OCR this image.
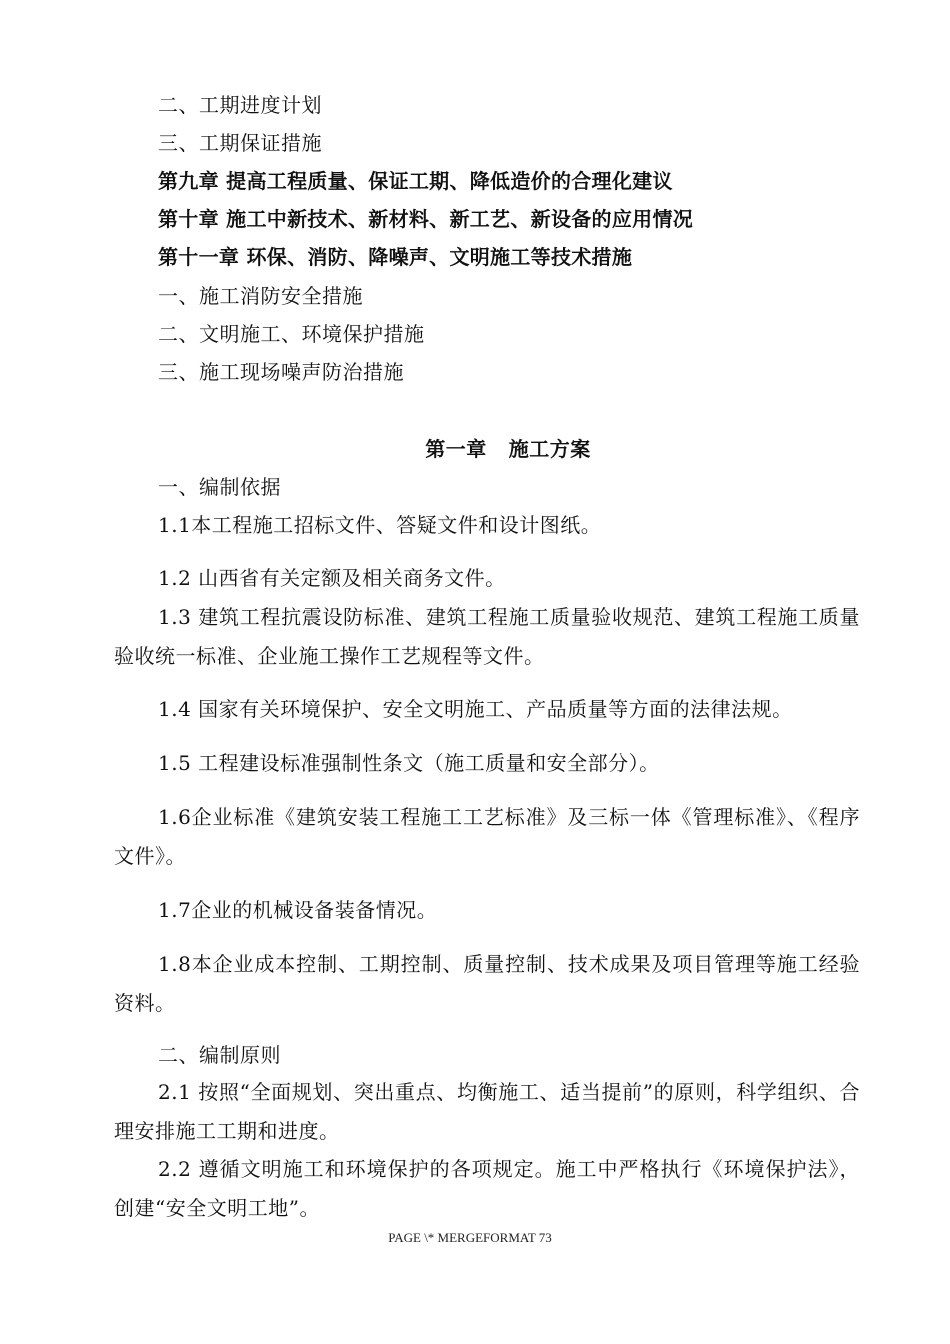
二、工期进度计划
三、工期保证措施
第九章 提高工程质量、保证工期、降低造价的合理化建议
第十章 施工中新技术、新材料、新工艺、新设备的应用情况
第十一章 环保、消防、降噪声、文明施工等技术措施
一、施工消防安全措施
二、文明施工、环境保护措施
三、施工现场噪声防治措施
第一章 施工方案
一、编制依据
1.1本工程施工招标文件、答疑文件和设计图纸。
1.2 山西省有关定额及相关商务文件。
1.3 建筑工程抗震设防标准、建筑工程施工质量验收规范、建筑工程施工质量验收统一标准、企业施工操作工艺规程等文件。
1.4 国家有关环境保护、安全文明施工、产品质量等方面的法律法规。
1.5 工程建设标准强制性条文（施工质量和安全部分）。
1.6企业标准《建筑安装工程施工工艺标准》及三标一体《管理标准》、《程序文件》。
1.7企业的机械设备装备情况。
1.8本企业成本控制、工期控制、质量控制、技术成果及项目管理等施工经验资料。
二、编制原则
2.1 按照“全面规划、突出重点、均衡施工、适当提前”的原则，科学组织、合理安排施工工期和进度。
2.2 遵循文明施工和环境保护的各项规定。施工中严格执行《环境保护法》，创建“安全文明工地”。
PAGE \* MERGEFORMAT 73
